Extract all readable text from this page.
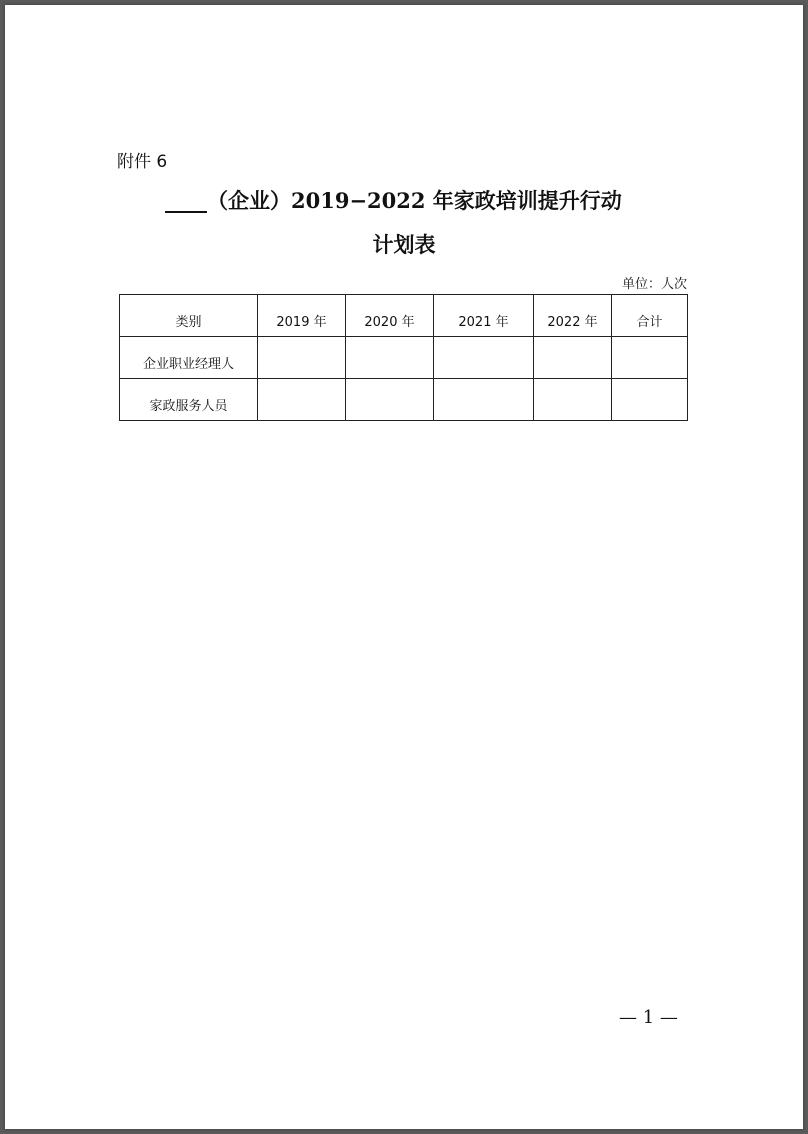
附件 6
____（企业）2019−2022 年家政培训提升行动
计划表
单位：人次
类别	2019 年	2020 年	2021 年	2022 年	合计
企业职业经理人					
家政服务人员					
— 1 —
